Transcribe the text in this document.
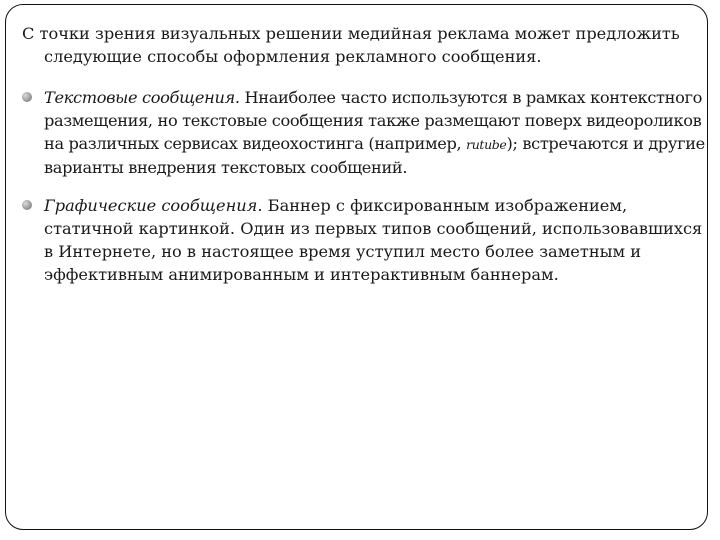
С точки зрения визуальных решении медийная реклама может предложить следующие способы оформления рекламного сообщения.

Текстовые сообщения. Ннаиболее часто используются в рамках контекстного размещения, но текстовые сообщения также размещают поверх видеороликов на различных сервисах видеохостинга (например, rutube); встречаются и другие варианты внедрения текстовых сообщений.
Графические сообщения. Баннер с фиксированным изображением, статичной картинкой. Один из первых типов сообщений, использовавшихся в Интернете, но в настоящее время уступил место более заметным и эффективным анимированным и интерактивным баннерам.
